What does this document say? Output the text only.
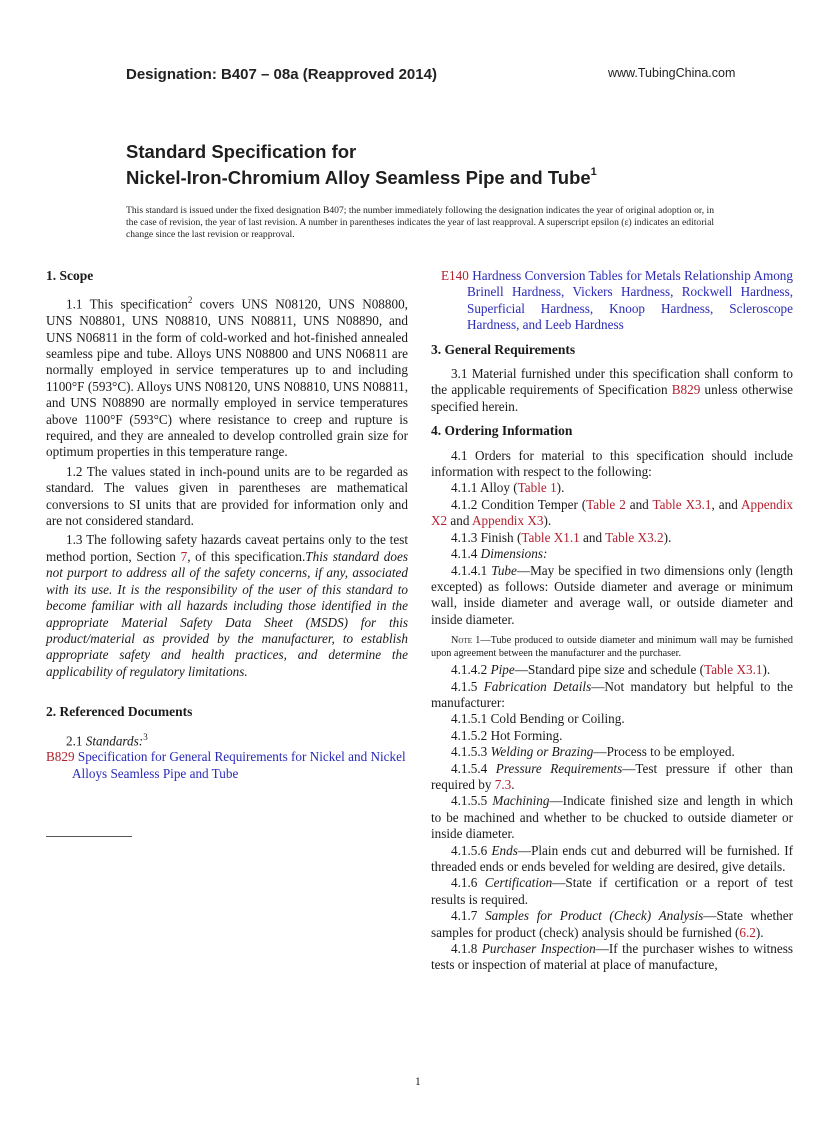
Designation: B407 – 08a (Reapproved 2014)	www.TubingChina.com
Standard Specification for
Nickel-Iron-Chromium Alloy Seamless Pipe and Tube$^1$
This standard is issued under the fixed designation B407; the number immediately following the designation indicates the year of original adoption or, in the case of revision, the year of last revision. A number in parentheses indicates the year of last reapproval. A superscript epsilon (ε) indicates an editorial change since the last revision or reapproval.

1. Scope

1.1 This specification$^2$ covers UNS N08120, UNS N08800, UNS N08801, UNS N08810, UNS N08811, UNS N08890, and UNS N06811 in the form of cold-worked and hot-finished annealed seamless pipe and tube. Alloys UNS N08800 and UNS N06811 are normally employed in service temperatures up to and including 1100°F (593°C). Alloys UNS N08120, UNS N08810, UNS N08811, and UNS N08890 are normally employed in service temperatures above 1100°F (593°C) where resistance to creep and rupture is required, and they are annealed to develop controlled grain size for optimum properties in this temperature range.

1.2 The values stated in inch-pound units are to be regarded as standard. The values given in parentheses are mathematical conversions to SI units that are provided for information only and are not considered standard.

1.3 The following safety hazards caveat pertains only to the test method portion, Section 7, of this specification.This standard does not purport to address all of the safety concerns, if any, associated with its use. It is the responsibility of the user of this standard to become familiar with all hazards including those identified in the appropriate Material Safety Data Sheet (MSDS) for this product/material as provided by the manufacturer, to establish appropriate safety and health practices, and determine the applicability of regulatory limitations.

2. Referenced Documents

2.1 Standards:$^3$

B829 Specification for General Requirements for Nickel and Nickel Alloys Seamless Pipe and Tube

E140 Hardness Conversion Tables for Metals Relationship Among Brinell Hardness, Vickers Hardness, Rockwell Hardness, Superficial Hardness, Knoop Hardness, Scleroscope Hardness, and Leeb Hardness

3. General Requirements

3.1 Material furnished under this specification shall conform to the applicable requirements of Specification B829 unless otherwise specified herein.

4. Ordering Information

4.1 Orders for material to this specification should include information with respect to the following:

4.1.1 Alloy (Table 1).

4.1.2 Condition Temper (Table 2 and Table X3.1, and Appendix X2 and Appendix X3).

4.1.3 Finish (Table X1.1 and Table X3.2).

4.1.4 Dimensions:

4.1.4.1 Tube—May be specified in two dimensions only (length excepted) as follows: Outside diameter and average or minimum wall, inside diameter and average wall, or outside diameter and inside diameter.

Note 1—Tube produced to outside diameter and minimum wall may be furnished upon agreement between the manufacturer and the purchaser.

4.1.4.2 Pipe—Standard pipe size and schedule (Table X3.1).

4.1.5 Fabrication Details—Not mandatory but helpful to the manufacturer:

4.1.5.1 Cold Bending or Coiling.

4.1.5.2 Hot Forming.

4.1.5.3 Welding or Brazing—Process to be employed.

4.1.5.4 Pressure Requirements—Test pressure if other than required by 7.3.

4.1.5.5 Machining—Indicate finished size and length in which to be machined and whether to be chucked to outside diameter or inside diameter.

4.1.5.6 Ends—Plain ends cut and deburred will be furnished. If threaded ends or ends beveled for welding are desired, give details.

4.1.6 Certification—State if certification or a report of test results is required.

4.1.7 Samples for Product (Check) Analysis—State whether samples for product (check) analysis should be furnished (6.2).

4.1.8 Purchaser Inspection—If the purchaser wishes to witness tests or inspection of material at place of manufacture,

1
